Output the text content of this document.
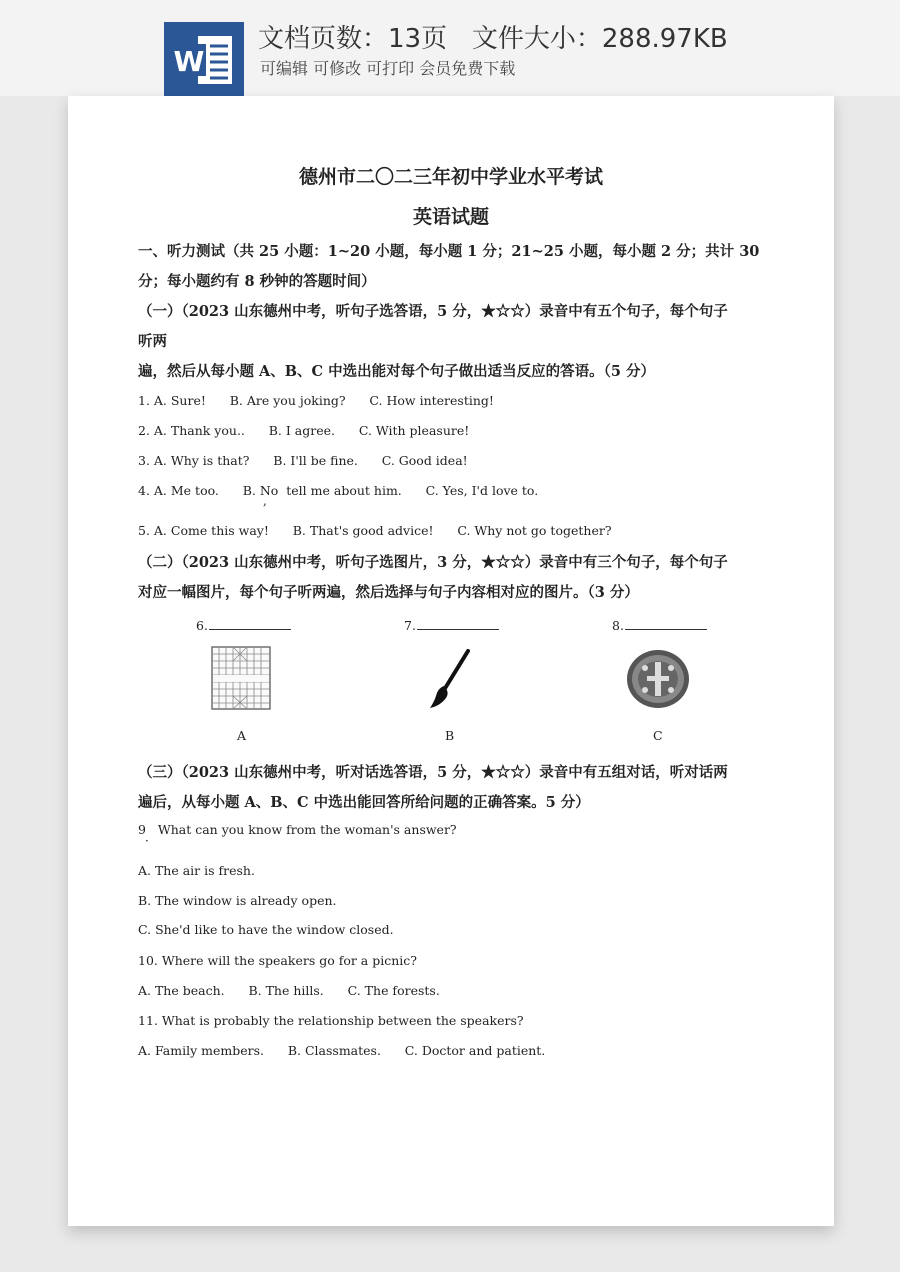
W
文档页数：13页   文件大小：288.97KB
可编辑 可修改 可打印 会员免费下载
德州市二〇二三年初中学业水平考试
英语试题
一、听力测试（共 25 小题：1~20 小题，每小题 1 分；21~25 小题，每小题 2 分；共计 30
分；每小题约有 8 秒钟的答题时间）
（一）（2023 山东德州中考，听句子选答语，5 分，★☆☆）录音中有五个句子，每个句子
听两
遍，然后从每小题 A、B、C 中选出能对每个句子做出适当反应的答语。（5 分）
1. A. Sure!      B. Are you joking?      C. How interesting!
2. A. Thank you..      B. I agree.      C. With pleasure!
3. A. Why is that?      B. I'll be fine.      C. Good idea!
4. A. Me too.      B. No  tell me about him.      C. Yes, I'd love to.
,
5. A. Come this way!      B. That's good advice!      C. Why not go together?
（二）（2023 山东德州中考，听句子选图片，3 分，★☆☆）录音中有三个句子，每个句子
对应一幅图片，每个句子听两遍，然后选择与句子内容相对应的图片。（3 分）
6.	7.	8.
A	B	C
（三）（2023 山东德州中考，听对话选答语，5 分，★☆☆）录音中有五组对话，听对话两
遍后，从每小题 A、B、C 中选出能回答所给问题的正确答案。5 分）
9   What can you know from the woman's answer?
·
A. The air is fresh.
B. The window is already open.
C. She'd like to have the window closed.
10. Where will the speakers go for a picnic?
A. The beach.      B. The hills.      C. The forests.
11. What is probably the relationship between the speakers?
A. Family members.      B. Classmates.      C. Doctor and patient.
